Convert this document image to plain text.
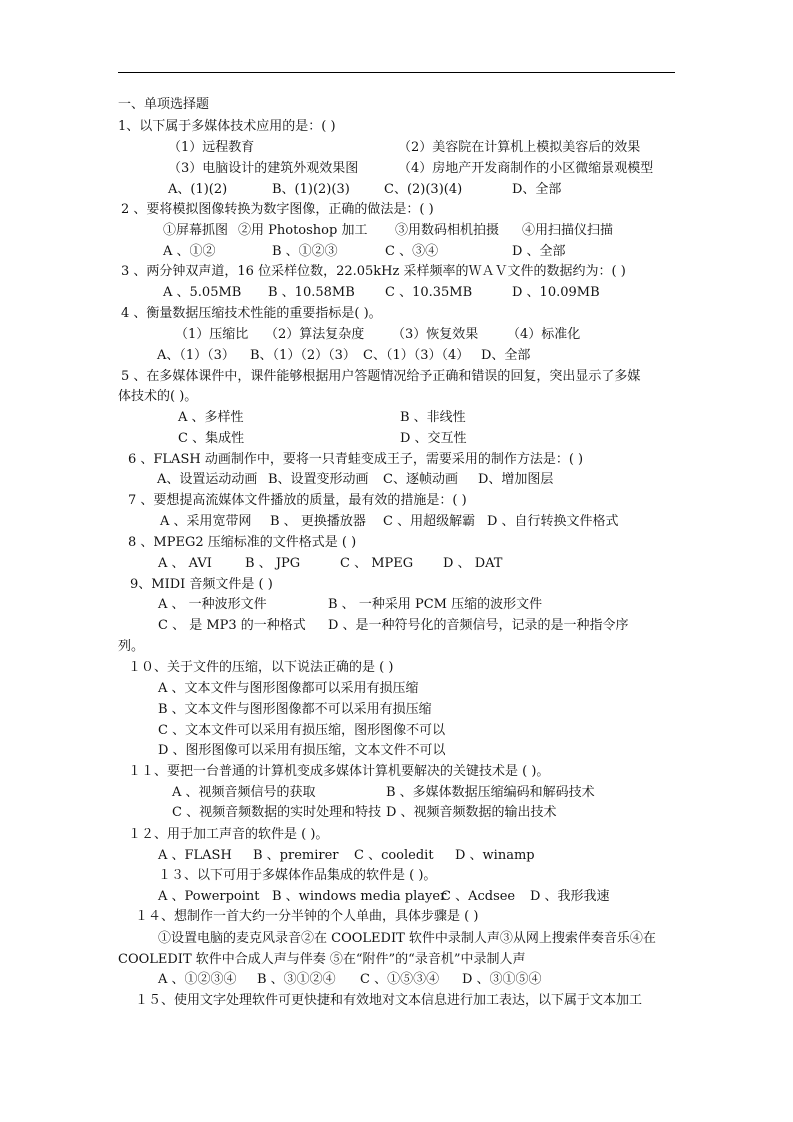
一、单项选择题
1、以下属于多媒体技术应用的是：( )
（1）远程教育	（2）美容院在计算机上模拟美容后的效果
（3）电脑设计的建筑外观效果图	（4）房地产开发商制作的小区微缩景观模型
A、(1)(2)	B、(1)(2)(3)	C、(2)(3)(4)	D、全部
2 、要将模拟图像转换为数字图像，正确的做法是：( )
①屏幕抓图 ②用 Photoshop 加工 ③用数码相机拍摄 ④用扫描仪扫描
A 、①②	B 、①②③	C 、③④	D 、全部
3 、两分钟双声道，16 位采样位数，22.05kHz 采样频率的ＷＡＶ文件的数据约为：( )
A 、5.05MB B 、10.58MB C 、10.35MB	D 、10.09MB
4 、衡量数据压缩技术性能的重要指标是( )。
（1）压缩比 （2）算法复杂度 （3）恢复效果 （4）标准化
A、（1）（3） B、（1）（2）（3） C、（1）（3）（4） D、全部
5 、在多媒体课件中，课件能够根据用户答题情况给予正确和错误的回复，突出显示了多媒
体技术的( )。
A 、多样性	B 、非线性
C 、集成性	D 、交互性
6 、FLASH 动画制作中，要将一只青蛙变成王子，需要采用的制作方法是：( )
A、设置运动动画 B、设置变形动画 C、逐帧动画 D、增加图层
7 、要想提高流媒体文件播放的质量，最有效的措施是：( )
A 、采用宽带网 B 、 更换播放器 C 、用超级解霸 D 、自行转换文件格式
8 、MPEG2 压缩标准的文件格式是 ( )
A 、 AVI	B 、 JPG	C 、 MPEG D 、 DAT
9、MIDI 音频文件是 ( )
A 、 一种波形文件	B 、 一种采用 PCM 压缩的波形文件
C 、 是 MP3 的一种格式 D 、是一种符号化的音频信号，记录的是一种指令序
列。
１０、关于文件的压缩，以下说法正确的是 ( )
A 、文本文件与图形图像都可以采用有损压缩
B 、文本文件与图形图像都不可以采用有损压缩
C 、文本文件可以采用有损压缩，图形图像不可以
D 、图形图像可以采用有损压缩，文本文件不可以
１１、要把一台普通的计算机变成多媒体计算机要解决的关键技术是 ( )。
A 、视频音频信号的获取	B 、多媒体数据压缩编码和解码技术
C 、视频音频数据的实时处理和特技 D 、视频音频数据的输出技术
１２、用于加工声音的软件是 ( )。
A 、FLASH B 、premirer C 、cooledit D 、winamp
１３、以下可用于多媒体作品集成的软件是 ( )。
A 、Powerpoint B 、windows media player
C 、Acdsee D 、我形我速
１４、想制作一首大约一分半钟的个人单曲，具体步骤是 ( )
①设置电脑的麦克风录音②在 COOLEDIT 软件中录制人声③从网上搜索伴奏音乐④在
COOLEDIT 软件中合成人声与伴奏 ⑤在“附件”的“录音机”中录制人声
A 、①②③④ B 、③①②④ C 、①⑤③④ D 、③①⑤④
１５、使用文字处理软件可更快捷和有效地对文本信息进行加工表达，以下属于文本加工
